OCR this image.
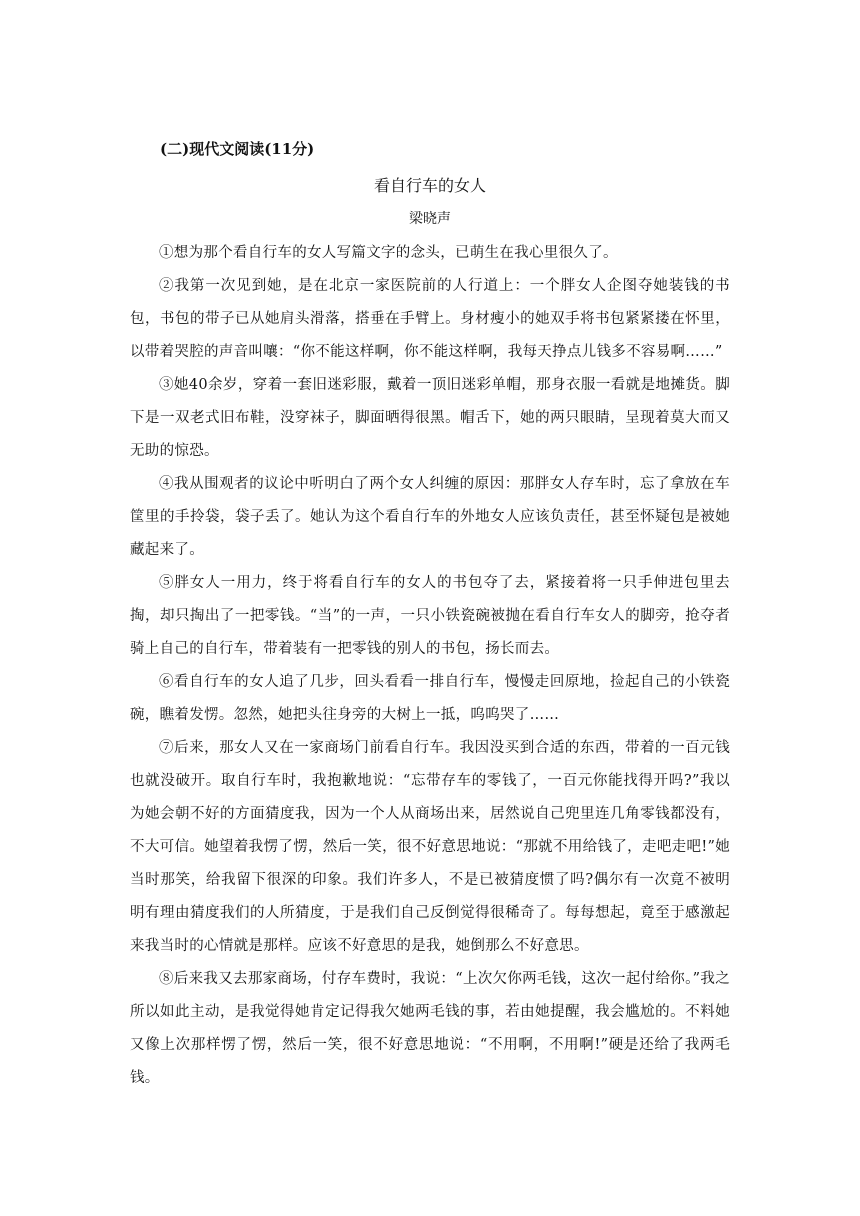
(二)现代文阅读(11分)
看自行车的女人
梁晓声

①想为那个看自行车的女人写篇文字的念头，已萌生在我心里很久了。

②我第一次见到她，是在北京一家医院前的人行道上：一个胖女人企图夺她装钱的书包，书包的带子已从她肩头滑落，搭垂在手臂上。身材瘦小的她双手将书包紧紧搂在怀里，以带着哭腔的声音叫嚷：“你不能这样啊，你不能这样啊，我每天挣点儿钱多不容易啊……”

③她40余岁，穿着一套旧迷彩服，戴着一顶旧迷彩单帽，那身衣服一看就是地摊货。脚下是一双老式旧布鞋，没穿袜子，脚面晒得很黑。帽舌下，她的两只眼睛，呈现着莫大而又无助的惊恐。

④我从围观者的议论中听明白了两个女人纠缠的原因：那胖女人存车时，忘了拿放在车筐里的手拎袋，袋子丢了。她认为这个看自行车的外地女人应该负责任，甚至怀疑包是被她藏起来了。

⑤胖女人一用力，终于将看自行车的女人的书包夺了去，紧接着将一只手伸进包里去掏，却只掏出了一把零钱。“当”的一声，一只小铁瓷碗被抛在看自行车女人的脚旁，抢夺者骑上自己的自行车，带着装有一把零钱的别人的书包，扬长而去。

⑥看自行车的女人追了几步，回头看看一排自行车，慢慢走回原地，捡起自己的小铁瓷碗，瞧着发愣。忽然，她把头往身旁的大树上一抵，呜呜哭了……

⑦后来，那女人又在一家商场门前看自行车。我因没买到合适的东西，带着的一百元钱也就没破开。取自行车时，我抱歉地说：“忘带存车的零钱了，一百元你能找得开吗?”我以为她会朝不好的方面猜度我，因为一个人从商场出来，居然说自己兜里连几角零钱都没有，不大可信。她望着我愣了愣，然后一笑，很不好意思地说：“那就不用给钱了，走吧走吧!”她当时那笑，给我留下很深的印象。我们许多人，不是已被猜度惯了吗?偶尔有一次竟不被明明有理由猜度我们的人所猜度，于是我们自己反倒觉得很稀奇了。每每想起，竟至于感激起来我当时的心情就是那样。应该不好意思的是我，她倒那么不好意思。

⑧后来我又去那家商场，付存车费时，我说：“上次欠你两毛钱，这次一起付给你。”我之所以如此主动，是我觉得她肯定记得我欠她两毛钱的事，若由她提醒，我会尴尬的。不料她又像上次那样愣了愣，然后一笑，很不好意思地说：“不用啊，不用啊!”硬是还给了我两毛钱。
